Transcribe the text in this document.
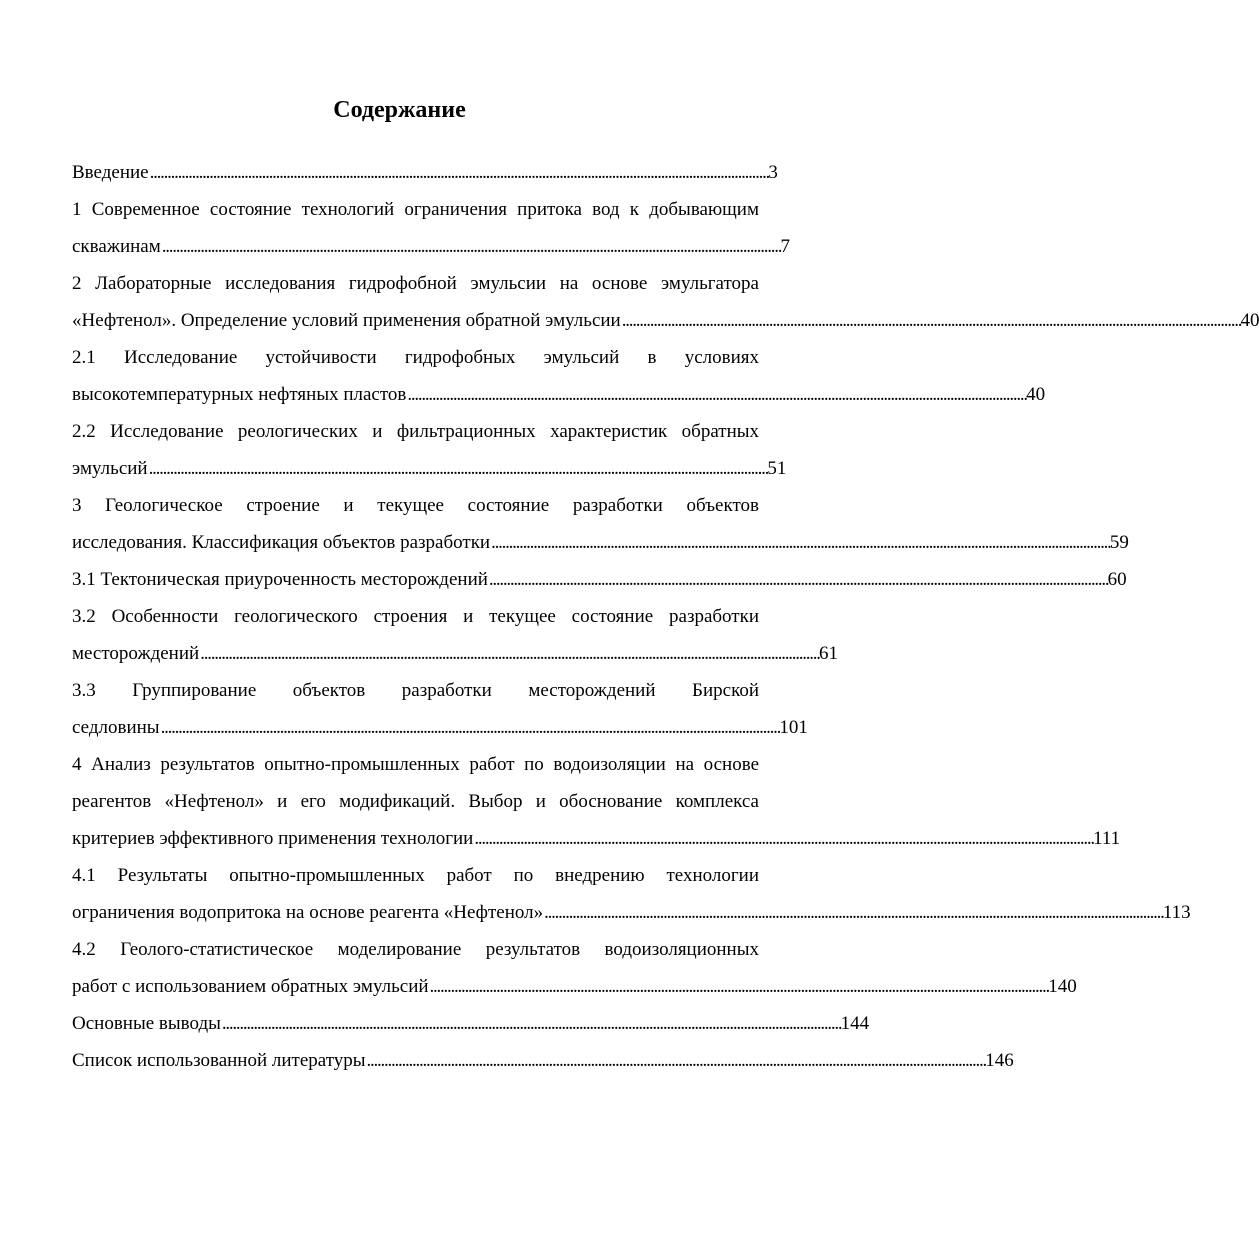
Содержание
Введение . . .	3
1 Современное состояние технологий ограничения притока вод к добывающим
скважинам . . .	7
2 Лабораторные исследования гидрофобной эмульсии на основе эмульгатора
«Нефтенол». Определение условий применения обратной эмульсии . . .	40
2.1 Исследование устойчивости гидрофобных эмульсий в условиях
высокотемпературных нефтяных пластов . . .	40
2.2 Исследование реологических и фильтрационных характеристик обратных
эмульсий . . .	51
3 Геологическое строение и текущее состояние разработки объектов
исследования. Классификация объектов разработки . . .	59
3.1 Тектоническая приуроченность месторождений . . .	60
3.2 Особенности геологического строения и текущее состояние разработки
месторождений . . .	61
3.3 Группирование объектов разработки месторождений Бирской
седловины . . .	101
4 Анализ результатов опытно-промышленных работ по водоизоляции на основе
реагентов «Нефтенол» и его модификаций. Выбор и обоснование комплекса
критериев эффективного применения технологии . . .	111
4.1 Результаты опытно-промышленных работ по внедрению технологии
ограничения водопритока на основе реагента «Нефтенол» . . .	113
4.2 Геолого-статистическое моделирование результатов водоизоляционных
работ с использованием обратных эмульсий . . .	140
Основные выводы . . .	144
Список использованной литературы . . .	146
